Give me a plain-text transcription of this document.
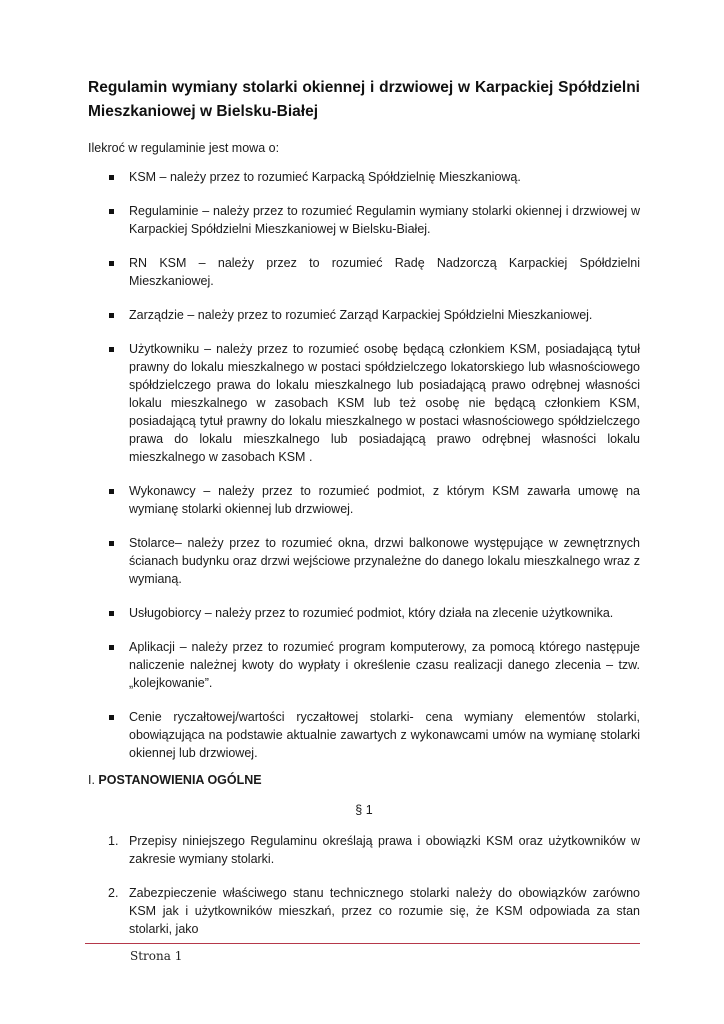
Regulamin wymiany stolarki okiennej i drzwiowej w Karpackiej Spółdzielni Mieszkaniowej w Bielsku-Białej

Ilekroć w regulaminie jest mowa o:

KSM – należy przez to rozumieć Karpacką Spółdzielnię Mieszkaniową.
Regulaminie – należy przez to rozumieć Regulamin wymiany stolarki okiennej i drzwiowej w Karpackiej Spółdzielni Mieszkaniowej w Bielsku-Białej.
RN KSM – należy przez to rozumieć Radę Nadzorczą Karpackiej Spółdzielni Mieszkaniowej.
Zarządzie – należy przez to rozumieć Zarząd Karpackiej Spółdzielni Mieszkaniowej.
Użytkowniku – należy przez to rozumieć osobę będącą członkiem KSM, posiadającą tytuł prawny do lokalu mieszkalnego w postaci spółdzielczego lokatorskiego lub własnościowego spółdzielczego prawa do lokalu mieszkalnego lub posiadającą prawo odrębnej własności lokalu mieszkalnego w zasobach KSM lub też osobę nie będącą członkiem KSM, posiadającą tytuł prawny do lokalu mieszkalnego w postaci własnościowego spółdzielczego prawa do lokalu mieszkalnego lub posiadającą prawo odrębnej własności lokalu mieszkalnego w zasobach KSM .
Wykonawcy – należy przez to rozumieć podmiot, z którym KSM zawarła umowę na wymianę stolarki okiennej lub drzwiowej.
Stolarce– należy przez to rozumieć okna, drzwi balkonowe występujące w zewnętrznych ścianach budynku oraz drzwi wejściowe przynależne do danego lokalu mieszkalnego wraz z wymianą.
Usługobiorcy – należy przez to rozumieć podmiot, który działa na zlecenie użytkownika.
Aplikacji – należy przez to rozumieć program komputerowy, za pomocą którego następuje naliczenie należnej kwoty do wypłaty i określenie czasu realizacji danego zlecenia – tzw. „kolejkowanie”.
Cenie ryczałtowej/wartości ryczałtowej stolarki- cena wymiany elementów stolarki, obowiązująca na podstawie aktualnie zawartych z wykonawcami umów na wymianę stolarki okiennej lub drzwiowej.

I. POSTANOWIENIA OGÓLNE

§ 1

1. Przepisy niniejszego Regulaminu określają prawa i obowiązki KSM oraz użytkowników w zakresie wymiany stolarki.
2. Zabezpieczenie właściwego stanu technicznego stolarki należy do obowiązków zarówno KSM jak i użytkowników mieszkań, przez co rozumie się, że KSM odpowiada za stan stolarki, jako
Strona 1
